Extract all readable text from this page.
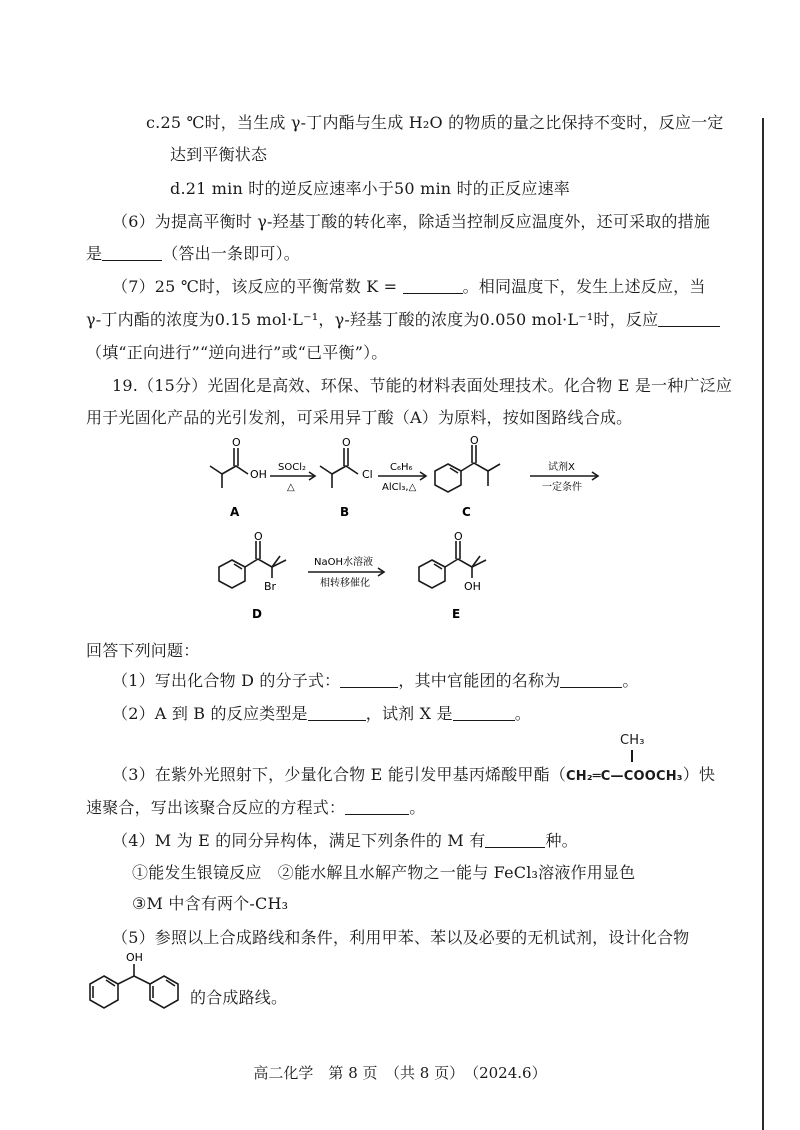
c.25 ℃时，当生成 γ-丁内酯与生成 H₂O 的物质的量之比保持不变时，反应一定
达到平衡状态
d.21 min 时的逆反应速率小于50 min 时的正反应速率
（6）为提高平衡时 γ-羟基丁酸的转化率，除适当控制反应温度外，还可采取的措施
是	（答出一条即可）。
（7）25 ℃时，该反应的平衡常数 K =	。相同温度下，发生上述反应，当
γ-丁内酯的浓度为0.15 mol·L⁻¹，γ-羟基丁酸的浓度为0.050 mol·L⁻¹时，反应
（填“正向进行”“逆向进行”或“已平衡”）。
19.（15分）光固化是高效、环保、节能的材料表面处理技术。化合物 E 是一种广泛应
用于光固化产品的光引发剂，可采用异丁酸（A）为原料，按如图路线合成。
OH
O
Cl
O	O
SOCl₂
△
C₆H₆
AlCl₃,△
试剂X
一定条件
A	B	C
O
Br
O
OH
NaOH水溶液
相转移催化
D	E
回答下列问题：
（1）写出化合物 D 的分子式：	，其中官能团的名称为	。
（2）A 到 B 的反应类型是	，试剂 X 是	。
CH₃
（3）在紫外光照射下，少量化合物 E 能引发甲基丙烯酸甲酯（CH₂═C—COOCH₃）快
速聚合，写出该聚合反应的方程式：	。
（4）M 为 E 的同分异构体，满足下列条件的 M 有	种。
①能发生银镜反应　②能水解且水解产物之一能与 FeCl₃溶液作用显色
③M 中含有两个-CH₃
（5）参照以上合成路线和条件，利用甲苯、苯以及必要的无机试剂，设计化合物
OH
的合成路线。
高二化学　第 8 页　（共 8 页）　（2024.6）
